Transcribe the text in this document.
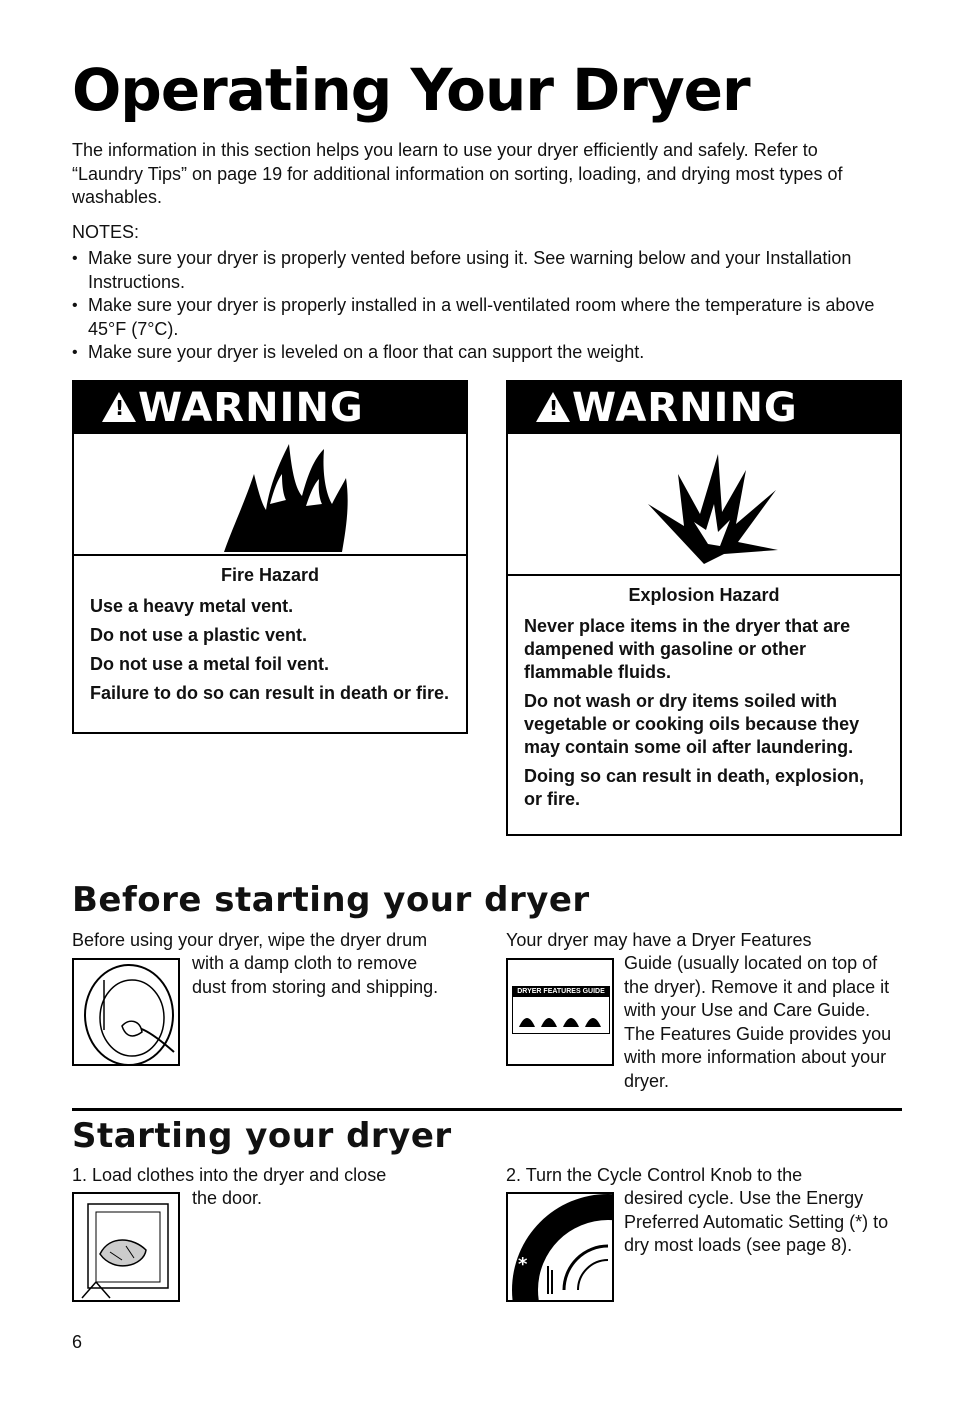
Operating Your Dryer

The information in this section helps you learn to use your dryer efficiently and safely. Refer to “Laundry Tips” on page 19 for additional information on sorting, loading, and drying most types of washables.

NOTES:

• Make sure your dryer is properly vented before using it. See warning below and your Installation Instructions.
• Make sure your dryer is properly installed in a well-ventilated room where the temperature is above 45°F (7°C).
• Make sure your dryer is leveled on a floor that can support the weight.
!
WARNING

Fire Hazard

Use a heavy metal vent.

Do not use a plastic vent.

Do not use a metal foil vent.

Failure to do so can result in death or fire.

!
WARNING

Explosion Hazard

Never place items in the dryer that are dampened with gasoline or other flammable fluids.

Do not wash or dry items soiled with vegetable or cooking oils because they may contain some oil after laundering.

Doing so can result in death, explosion, or fire.

Before starting your dryer

Before using your dryer, wipe the dryer drum

with a damp cloth to remove dust from storing and shipping.

Your dryer may have a Dryer Features

DRYER FEATURES GUIDE

Guide (usually located on top of the dryer). Remove it and place it with your Use and Care Guide. The Features Guide provides you with more information about your dryer.

Starting your dryer

1. Load clothes into the dryer and close

the door.

2. Turn the Cycle Control Knob to the

*

desired cycle. Use the Energy Preferred Automatic Setting (*) to dry most loads (see page 8).

6
